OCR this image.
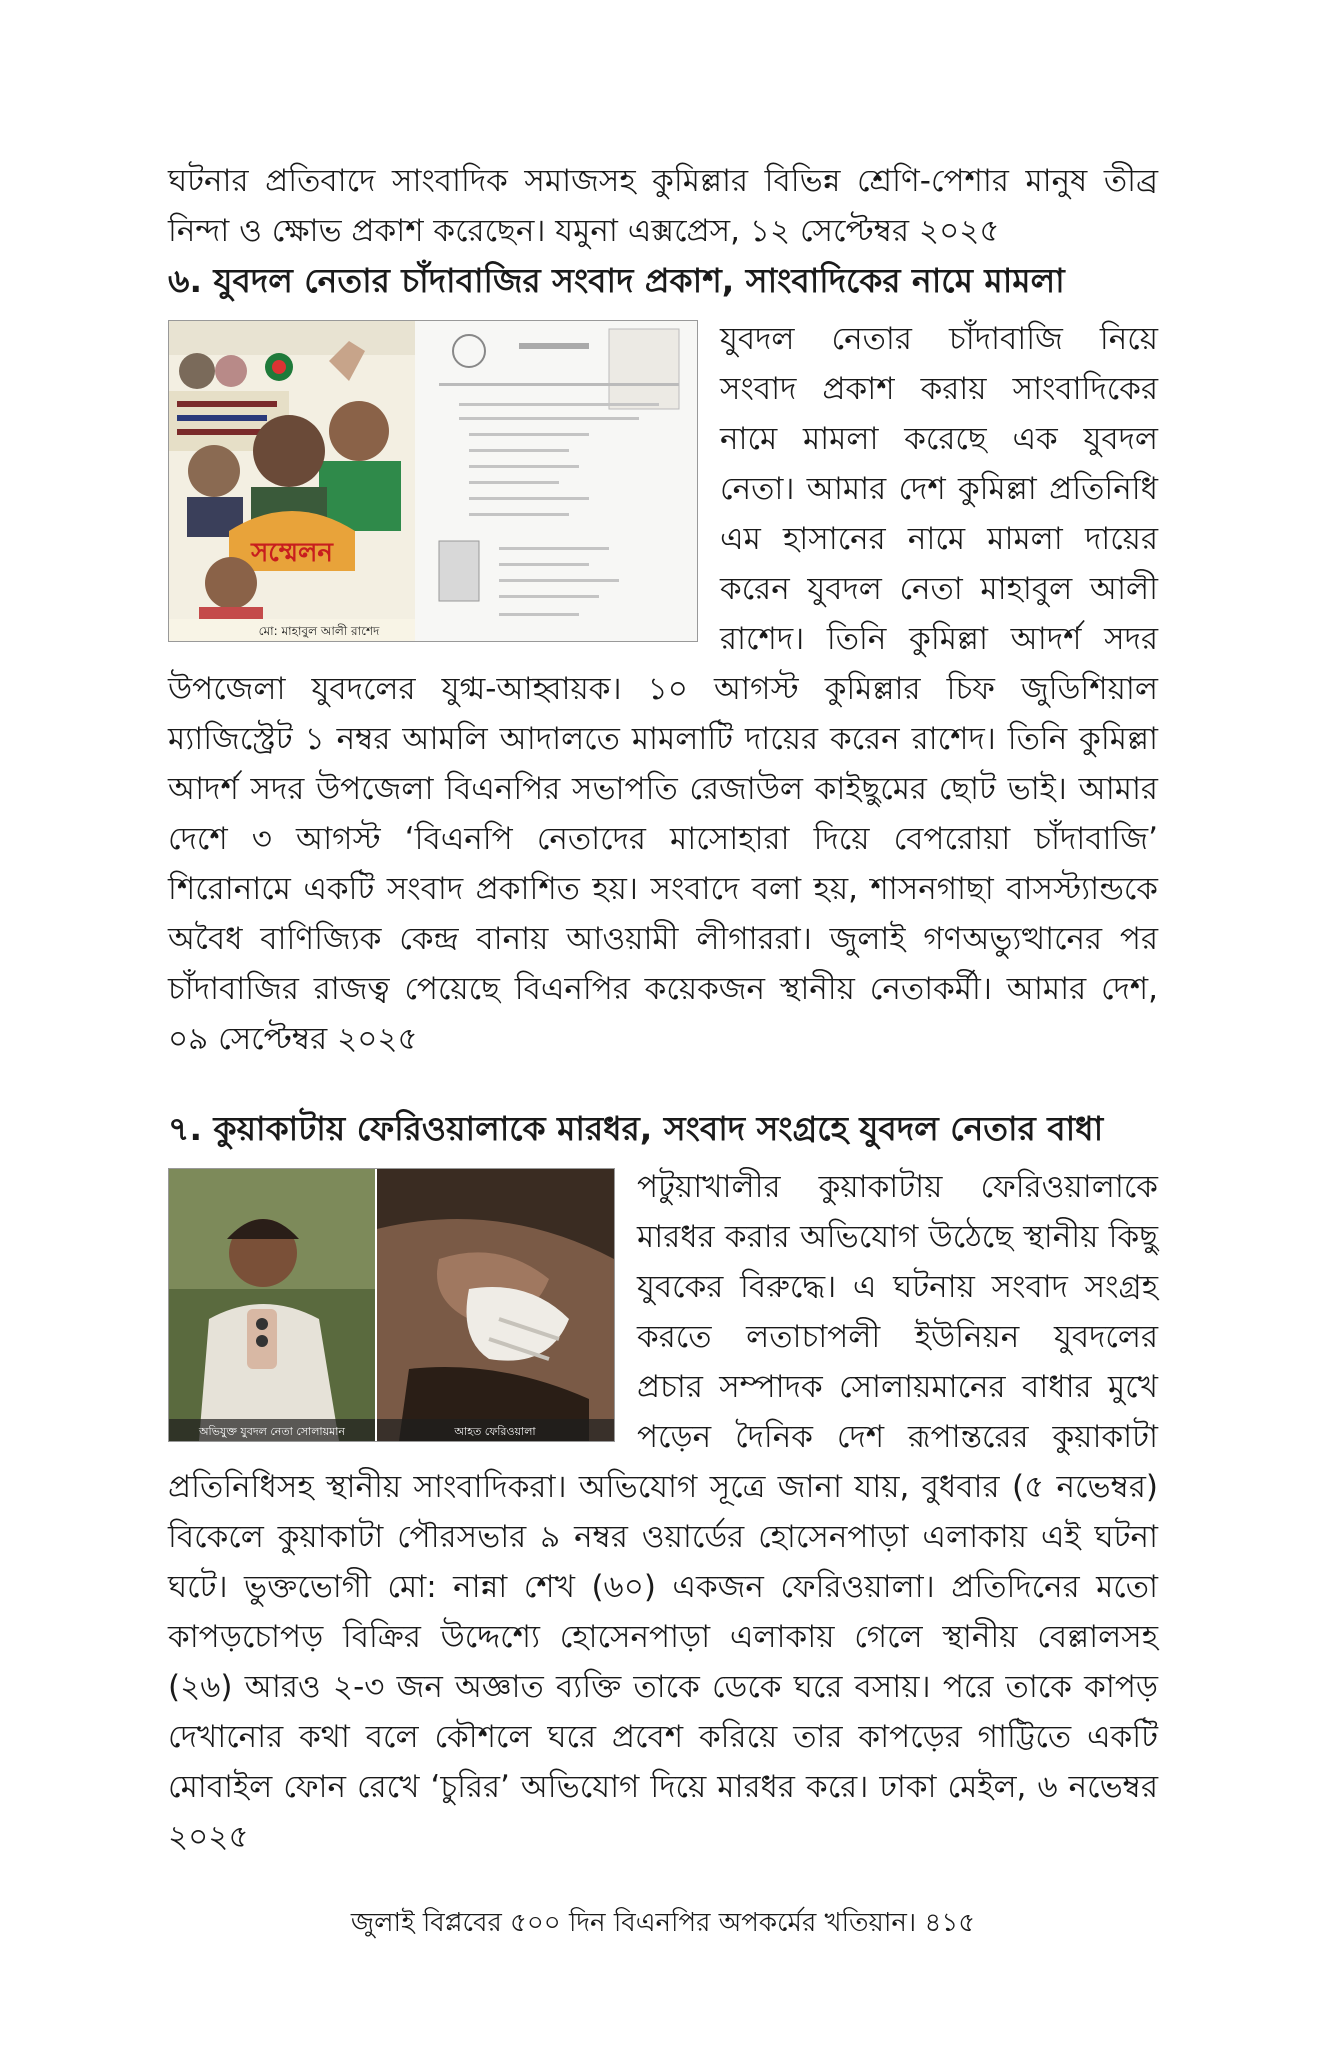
ঘটনার প্রতিবাদে সাংবাদিক সমাজসহ কুমিল্লার বিভিন্ন শ্রেণি-পেশার মানুষ তীব্র নিন্দা ও ক্ষোভ প্রকাশ করেছেন। যমুনা এক্সপ্রেস, ১২ সেপ্টেম্বর ২০২৫

৬. যুবদল নেতার চাঁদাবাজির সংবাদ প্রকাশ, সাংবাদিকের নামে মামলা
সম্মেলন
মো: মাহাবুল আলী রাশেদ

যুবদল নেতার চাঁদাবাজি নিয়ে সংবাদ প্রকাশ করায় সাংবাদিকের নামে মামলা করেছে এক যুবদল নেতা। আমার দেশ কুমিল্লা প্রতিনিধি এম হাসানের নামে মামলা দায়ের করেন যুবদল নেতা মাহাবুল আলী রাশেদ। তিনি কুমিল্লা আদর্শ সদর উপজেলা যুবদলের যুগ্ম-আহ্বায়ক। ১০ আগস্ট কুমিল্লার চিফ জুডিশিয়াল ম্যাজিস্ট্রেট ১ নম্বর আমলি আদালতে মামলাটি দায়ের করেন রাশেদ। তিনি কুমিল্লা আদর্শ সদর উপজেলা বিএনপির সভাপতি রেজাউল কাইছুমের ছোট ভাই। আমার দেশে ৩ আগস্ট ‘বিএনপি নেতাদের মাসোহারা দিয়ে বেপরোয়া চাঁদাবাজি’ শিরোনামে একটি সংবাদ প্রকাশিত হয়। সংবাদে বলা হয়, শাসনগাছা বাসস্ট্যান্ডকে অবৈধ বাণিজ্যিক কেন্দ্র বানায় আওয়ামী লীগাররা। জুলাই গণঅভ্যুত্থানের পর চাঁদাবাজির রাজত্ব পেয়েছে বিএনপির কয়েকজন স্থানীয় নেতাকর্মী। আমার দেশ, ০৯ সেপ্টেম্বর ২০২৫

৭. কুয়াকাটায় ফেরিওয়ালাকে মারধর, সংবাদ সংগ্রহে যুবদল নেতার বাধা
অভিযুক্ত যুবদল নেতা সোলায়মান	আহত ফেরিওয়ালা

পটুয়াখালীর কুয়াকাটায় ফেরিওয়ালাকে মারধর করার অভিযোগ উঠেছে স্থানীয় কিছু যুবকের বিরুদ্ধে। এ ঘটনায় সংবাদ সংগ্রহ করতে লতাচাপলী ইউনিয়ন যুবদলের প্রচার সম্পাদক সোলায়মানের বাধার মুখে পড়েন দৈনিক দেশ রূপান্তরের কুয়াকাটা প্রতিনিধিসহ স্থানীয় সাংবাদিকরা। অভিযোগ সূত্রে জানা যায়, বুধবার (৫ নভেম্বর) বিকেলে কুয়াকাটা পৌরসভার ৯ নম্বর ওয়ার্ডের হোসেনপাড়া এলাকায় এই ঘটনা ঘটে। ভুক্তভোগী মো: নান্না শেখ (৬০) একজন ফেরিওয়ালা। প্রতিদিনের মতো কাপড়চোপড় বিক্রির উদ্দেশ্যে হোসেনপাড়া এলাকায় গেলে স্থানীয় বেল্লালসহ (২৬) আরও ২-৩ জন অজ্ঞাত ব্যক্তি তাকে ডেকে ঘরে বসায়। পরে তাকে কাপড় দেখানোর কথা বলে কৌশলে ঘরে প্রবেশ করিয়ে তার কাপড়ের গাট্টিতে একটি মোবাইল ফোন রেখে ‘চুরির’ অভিযোগ দিয়ে মারধর করে। ঢাকা মেইল, ৬ নভেম্বর ২০২৫

জুলাই বিপ্লবের ৫০০ দিন বিএনপির অপকর্মের খতিয়ান। ৪১৫
